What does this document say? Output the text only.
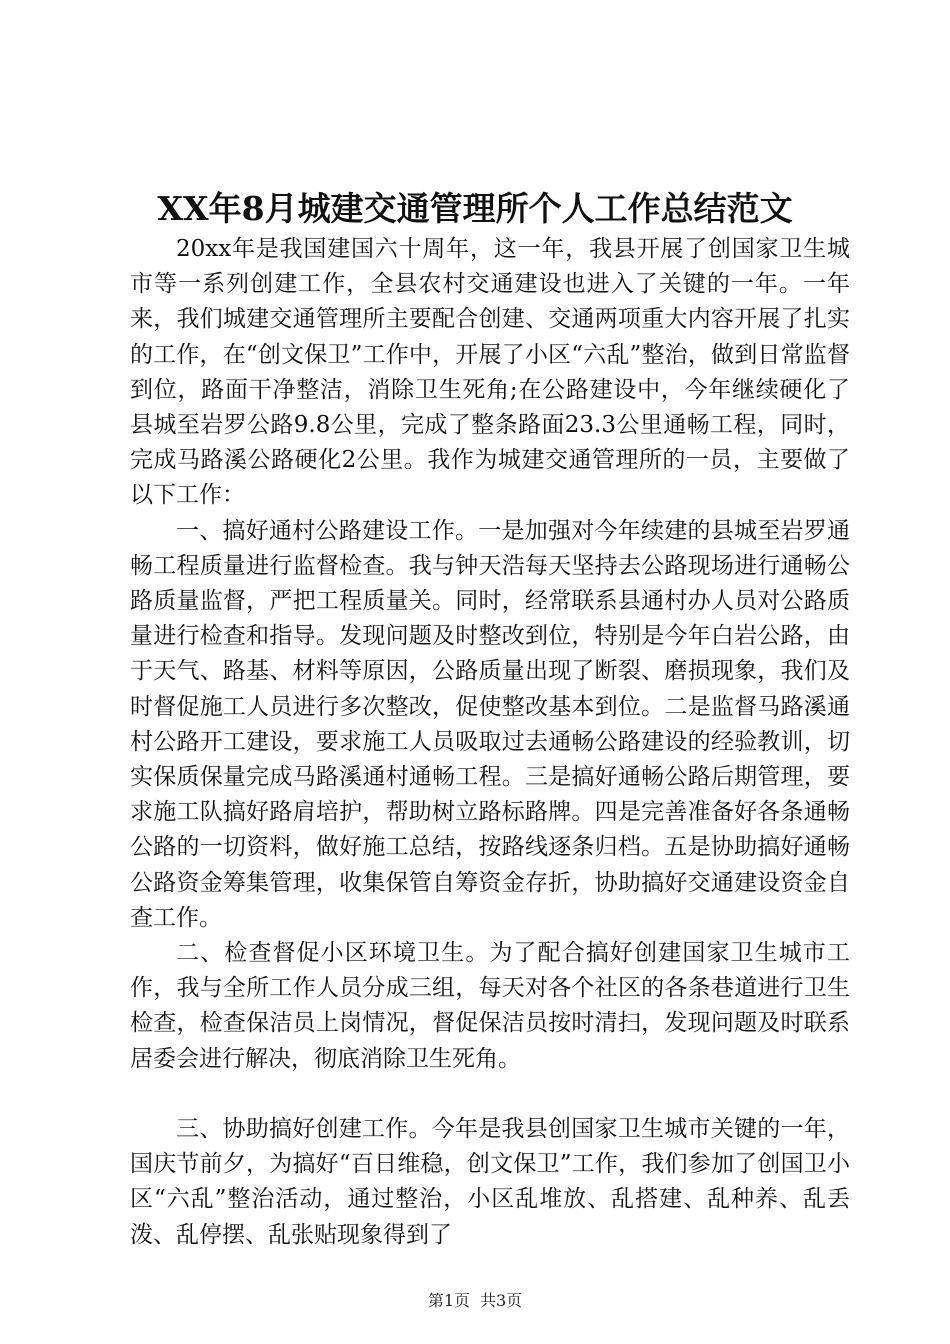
XX年8月城建交通管理所个人工作总结范文

20xx年是我国建国六十周年，这一年，我县开展了创国家卫生城市等一系列创建工作，全县农村交通建设也进入了关键的一年。一年来，我们城建交通管理所主要配合创建、交通两项重大内容开展了扎实的工作，在“创文保卫”工作中，开展了小区“六乱”整治，做到日常监督到位，路面干净整洁，消除卫生死角;在公路建设中，今年继续硬化了县城至岩罗公路9.8公里，完成了整条路面23.3公里通畅工程，同时，完成马路溪公路硬化2公里。我作为城建交通管理所的一员，主要做了以下工作：

一、搞好通村公路建设工作。一是加强对今年续建的县城至岩罗通畅工程质量进行监督检查。我与钟天浩每天坚持去公路现场进行通畅公路质量监督，严把工程质量关。同时，经常联系县通村办人员对公路质量进行检查和指导。发现问题及时整改到位，特别是今年白岩公路，由于天气、路基、材料等原因，公路质量出现了断裂、磨损现象，我们及时督促施工人员进行多次整改，促使整改基本到位。二是监督马路溪通村公路开工建设，要求施工人员吸取过去通畅公路建设的经验教训，切实保质保量完成马路溪通村通畅工程。三是搞好通畅公路后期管理，要求施工队搞好路肩培护，帮助树立路标路牌。四是完善准备好各条通畅公路的一切资料，做好施工总结，按路线逐条归档。五是协助搞好通畅公路资金筹集管理，收集保管自筹资金存折，协助搞好交通建设资金自查工作。

二、检查督促小区环境卫生。为了配合搞好创建国家卫生城市工作，我与全所工作人员分成三组，每天对各个社区的各条巷道进行卫生检查，检查保洁员上岗情况，督促保洁员按时清扫，发现问题及时联系居委会进行解决，彻底消除卫生死角。

三、协助搞好创建工作。今年是我县创国家卫生城市关键的一年，国庆节前夕，为搞好“百日维稳，创文保卫”工作，我们参加了创国卫小区“六乱”整治活动，通过整治，小区乱堆放、乱搭建、乱种养、乱丢泼、乱停摆、乱张贴现象得到了

第1页 共3页
